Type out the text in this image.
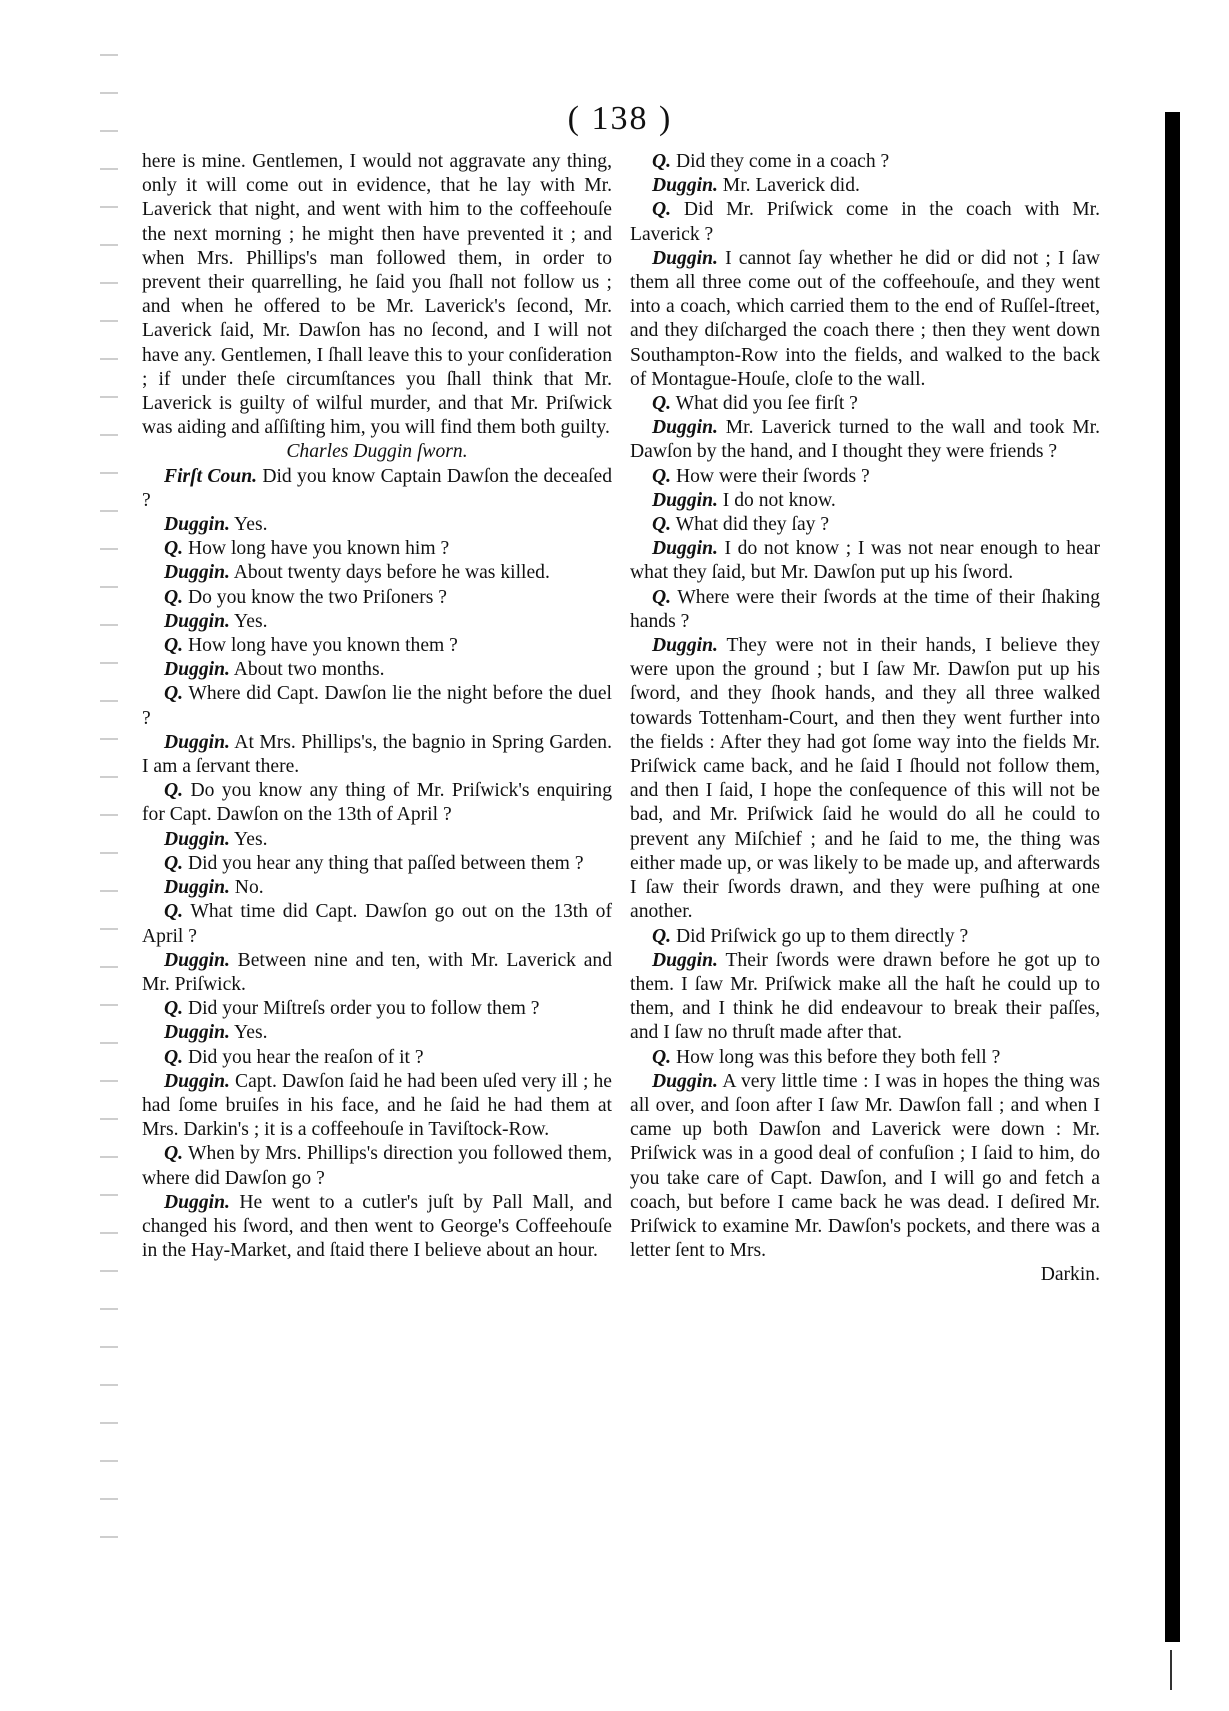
( 138 )

here is mine. Gentlemen, I would not aggravate any thing, only it will come out in evidence, that he lay with Mr. Laverick that night, and went with him to the coffeehouſe the next morning ; he might then have prevented it ; and when Mrs. Phillips's man followed them, in order to prevent their quarrelling, he ſaid you ſhall not follow us ; and when he offered to be Mr. Laverick's ſecond, Mr. Laverick ſaid, Mr. Dawſon has no ſecond, and I will not have any. Gentlemen, I ſhall leave this to your conſideration ; if under theſe circumſtances you ſhall think that Mr. Laverick is guilty of wilful murder, and that Mr. Priſwick was aiding and aſſiſting him, you will find them both guilty.

Charles Duggin ſworn.

Firſt Coun. Did you know Captain Dawſon the deceaſed ?

Duggin. Yes.

Q. How long have you known him ?

Duggin. About twenty days before he was killed.

Q. Do you know the two Priſoners ?

Duggin. Yes.

Q. How long have you known them ?

Duggin. About two months.

Q. Where did Capt. Dawſon lie the night before the duel ?

Duggin. At Mrs. Phillips's, the bagnio in Spring Garden. I am a ſervant there.

Q. Do you know any thing of Mr. Priſwick's enquiring for Capt. Dawſon on the 13th of April ?

Duggin. Yes.

Q. Did you hear any thing that paſſed between them ?

Duggin. No.

Q. What time did Capt. Dawſon go out on the 13th of April ?

Duggin. Between nine and ten, with Mr. Laverick and Mr. Priſwick.

Q. Did your Miſtreſs order you to follow them ?

Duggin. Yes.

Q. Did you hear the reaſon of it ?

Duggin. Capt. Dawſon ſaid he had been uſed very ill ; he had ſome bruiſes in his face, and he ſaid he had them at Mrs. Darkin's ; it is a coffeehouſe in Taviſtock-Row.

Q. When by Mrs. Phillips's direction you followed them, where did Dawſon go ?

Duggin. He went to a cutler's juſt by Pall Mall, and changed his ſword, and then went to George's Coffeehouſe in the Hay-Market, and ſtaid there I believe about an hour.

Q. Did they come in a coach ?

Duggin. Mr. Laverick did.

Q. Did Mr. Priſwick come in the coach with Mr. Laverick ?

Duggin. I cannot ſay whether he did or did not ; I ſaw them all three come out of the coffeehouſe, and they went into a coach, which carried them to the end of Ruſſel-ſtreet, and they diſcharged the coach there ; then they went down Southampton-Row into the fields, and walked to the back of Montague-Houſe, cloſe to the wall.

Q. What did you ſee firſt ?

Duggin. Mr. Laverick turned to the wall and took Mr. Dawſon by the hand, and I thought they were friends ?

Q. How were their ſwords ?

Duggin. I do not know.

Q. What did they ſay ?

Duggin. I do not know ; I was not near enough to hear what they ſaid, but Mr. Dawſon put up his ſword.

Q. Where were their ſwords at the time of their ſhaking hands ?

Duggin. They were not in their hands, I believe they were upon the ground ; but I ſaw Mr. Dawſon put up his ſword, and they ſhook hands, and they all three walked towards Tottenham-Court, and then they went further into the fields : After they had got ſome way into the fields Mr. Priſwick came back, and he ſaid I ſhould not follow them, and then I ſaid, I hope the conſequence of this will not be bad, and Mr. Priſwick ſaid he would do all he could to prevent any Miſchief ; and he ſaid to me, the thing was either made up, or was likely to be made up, and afterwards I ſaw their ſwords drawn, and they were puſhing at one another.

Q. Did Priſwick go up to them directly ?

Duggin. Their ſwords were drawn before he got up to them. I ſaw Mr. Priſwick make all the haſt he could up to them, and I think he did endeavour to break their paſſes, and I ſaw no thruſt made after that.

Q. How long was this before they both fell ?

Duggin. A very little time : I was in hopes the thing was all over, and ſoon after I ſaw Mr. Dawſon fall ; and when I came up both Dawſon and Laverick were down : Mr. Priſwick was in a good deal of confuſion ; I ſaid to him, do you take care of Capt. Dawſon, and I will go and fetch a coach, but before I came back he was dead. I deſired Mr. Priſwick to examine Mr. Dawſon's pockets, and there was a letter ſent to Mrs.

Darkin.
